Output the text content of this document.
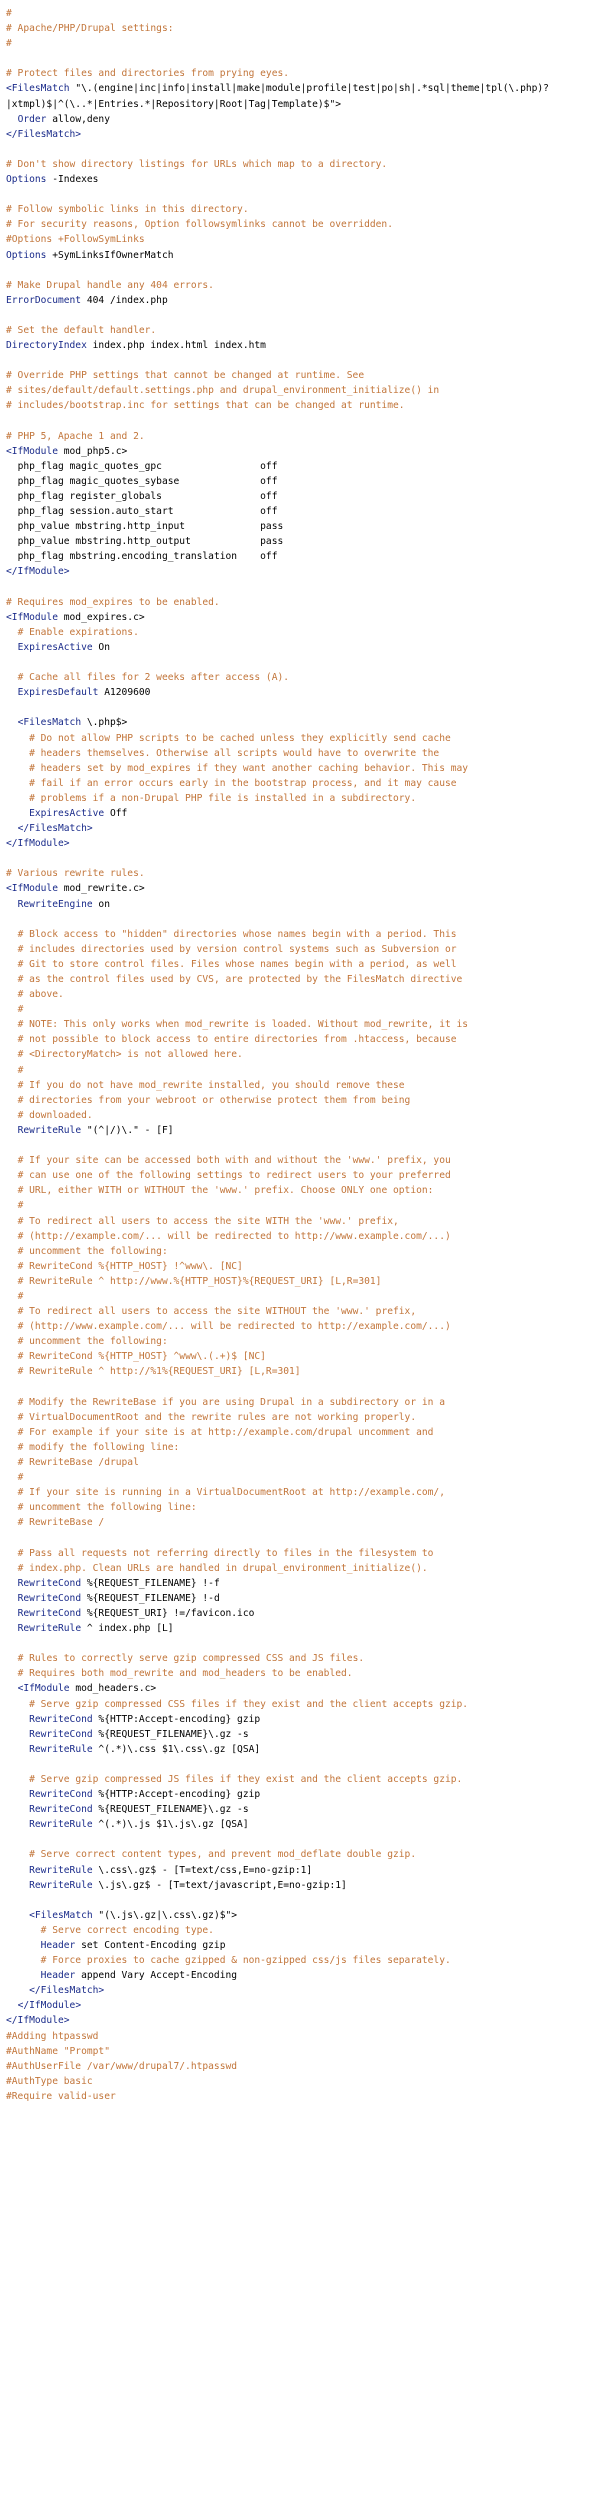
#
# Apache/PHP/Drupal settings:
#
# Protect files and directories from prying eyes.
<FilesMatch "\.(engine|inc|info|install|make|module|profile|test|po|sh|.*sql|theme|tpl(\.php)?
|xtmpl)$|^(\..*|Entries.*|Repository|Root|Tag|Template)$">
Order allow,deny
</FilesMatch>
# Don't show directory listings for URLs which map to a directory.
Options -Indexes
# Follow symbolic links in this directory.
# For security reasons, Option followsymlinks cannot be overridden.
#Options +FollowSymLinks
Options +SymLinksIfOwnerMatch
# Make Drupal handle any 404 errors.
ErrorDocument 404 /index.php
# Set the default handler.
DirectoryIndex index.php index.html index.htm
# Override PHP settings that cannot be changed at runtime. See
# sites/default/default.settings.php and drupal_environment_initialize() in
# includes/bootstrap.inc for settings that can be changed at runtime.
# PHP 5, Apache 1 and 2.
<IfModule mod_php5.c>
php_flag magic_quotes_gpc                 off
php_flag magic_quotes_sybase              off
php_flag register_globals                 off
php_flag session.auto_start               off
php_value mbstring.http_input             pass
php_value mbstring.http_output            pass
php_flag mbstring.encoding_translation    off
</IfModule>
# Requires mod_expires to be enabled.
<IfModule mod_expires.c>
# Enable expirations.
ExpiresActive On
# Cache all files for 2 weeks after access (A).
ExpiresDefault A1209600
<FilesMatch \.php$>
# Do not allow PHP scripts to be cached unless they explicitly send cache
# headers themselves. Otherwise all scripts would have to overwrite the
# headers set by mod_expires if they want another caching behavior. This may
# fail if an error occurs early in the bootstrap process, and it may cause
# problems if a non-Drupal PHP file is installed in a subdirectory.
ExpiresActive Off
</FilesMatch>
</IfModule>
# Various rewrite rules.
<IfModule mod_rewrite.c>
RewriteEngine on
# Block access to "hidden" directories whose names begin with a period. This
# includes directories used by version control systems such as Subversion or
# Git to store control files. Files whose names begin with a period, as well
# as the control files used by CVS, are protected by the FilesMatch directive
# above.
#
# NOTE: This only works when mod_rewrite is loaded. Without mod_rewrite, it is
# not possible to block access to entire directories from .htaccess, because
# <DirectoryMatch> is not allowed here.
#
# If you do not have mod_rewrite installed, you should remove these
# directories from your webroot or otherwise protect them from being
# downloaded.
RewriteRule "(^|/)\." - [F]
# If your site can be accessed both with and without the 'www.' prefix, you
# can use one of the following settings to redirect users to your preferred
# URL, either WITH or WITHOUT the 'www.' prefix. Choose ONLY one option:
#
# To redirect all users to access the site WITH the 'www.' prefix,
# (http://example.com/... will be redirected to http://www.example.com/...)
# uncomment the following:
# RewriteCond %{HTTP_HOST} !^www\. [NC]
# RewriteRule ^ http://www.%{HTTP_HOST}%{REQUEST_URI} [L,R=301]
#
# To redirect all users to access the site WITHOUT the 'www.' prefix,
# (http://www.example.com/... will be redirected to http://example.com/...)
# uncomment the following:
# RewriteCond %{HTTP_HOST} ^www\.(.+)$ [NC]
# RewriteRule ^ http://%1%{REQUEST_URI} [L,R=301]
# Modify the RewriteBase if you are using Drupal in a subdirectory or in a
# VirtualDocumentRoot and the rewrite rules are not working properly.
# For example if your site is at http://example.com/drupal uncomment and
# modify the following line:
# RewriteBase /drupal
#
# If your site is running in a VirtualDocumentRoot at http://example.com/,
# uncomment the following line:
# RewriteBase /
# Pass all requests not referring directly to files in the filesystem to
# index.php. Clean URLs are handled in drupal_environment_initialize().
RewriteCond %{REQUEST_FILENAME} !-f
RewriteCond %{REQUEST_FILENAME} !-d
RewriteCond %{REQUEST_URI} !=/favicon.ico
RewriteRule ^ index.php [L]
# Rules to correctly serve gzip compressed CSS and JS files.
# Requires both mod_rewrite and mod_headers to be enabled.
<IfModule mod_headers.c>
# Serve gzip compressed CSS files if they exist and the client accepts gzip.
RewriteCond %{HTTP:Accept-encoding} gzip
RewriteCond %{REQUEST_FILENAME}\.gz -s
RewriteRule ^(.*)\.css $1\.css\.gz [QSA]
# Serve gzip compressed JS files if they exist and the client accepts gzip.
RewriteCond %{HTTP:Accept-encoding} gzip
RewriteCond %{REQUEST_FILENAME}\.gz -s
RewriteRule ^(.*)\.js $1\.js\.gz [QSA]
# Serve correct content types, and prevent mod_deflate double gzip.
RewriteRule \.css\.gz$ - [T=text/css,E=no-gzip:1]
RewriteRule \.js\.gz$ - [T=text/javascript,E=no-gzip:1]
<FilesMatch "(\.js\.gz|\.css\.gz)$">
# Serve correct encoding type.
Header set Content-Encoding gzip
# Force proxies to cache gzipped & non-gzipped css/js files separately.
Header append Vary Accept-Encoding
</FilesMatch>
</IfModule>
</IfModule>
#Adding htpasswd
#AuthName "Prompt"
#AuthUserFile /var/www/drupal7/.htpasswd
#AuthType basic
#Require valid-user
